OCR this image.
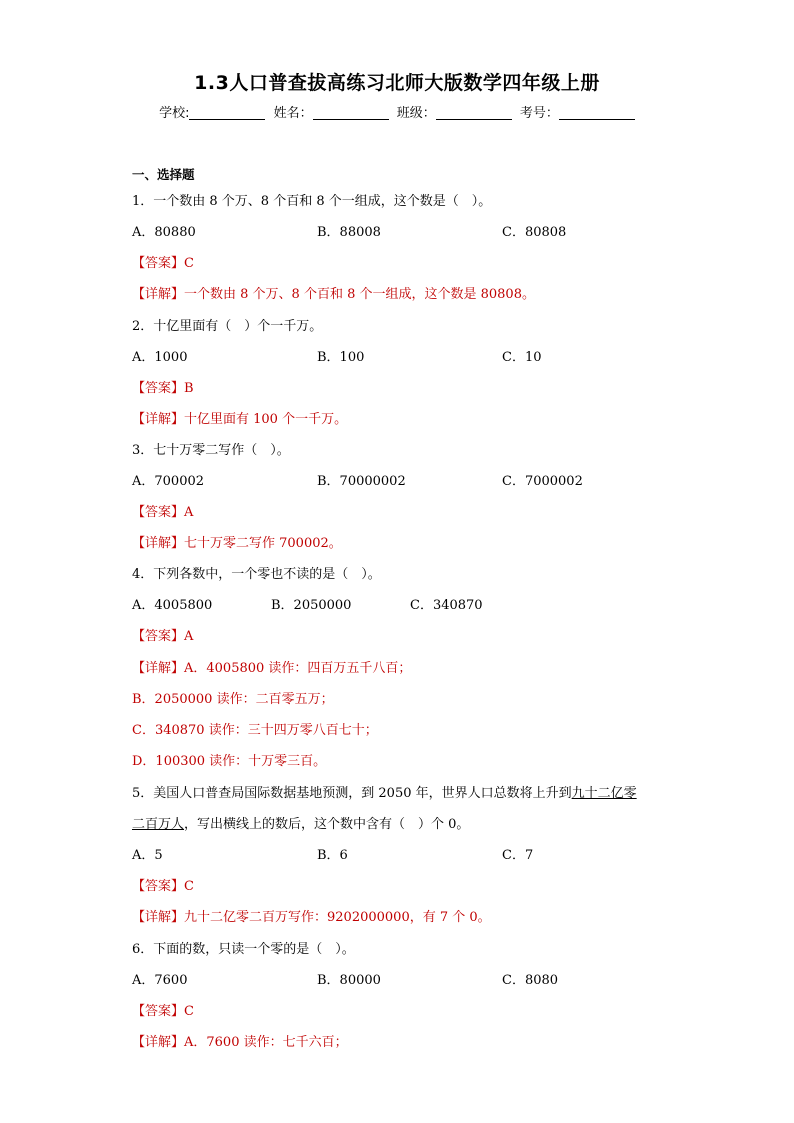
1.3人口普查拔高练习北师大版数学四年级上册
学校:	姓名：	班级：	考号：
一、选择题
1．一个数由 8 个万、8 个百和 8 个一组成，这个数是（　）。
A．80880	B．88008	C．80808
【答案】C
【详解】一个数由 8 个万、8 个百和 8 个一组成，这个数是 80808。
2．十亿里面有（　）个一千万。
A．1000	B．100	C．10
【答案】B
【详解】十亿里面有 100 个一千万。
3．七十万零二写作（　）。
A．700002	B．70000002	C．7000002
【答案】A
【详解】七十万零二写作 700002。
4．下列各数中，一个零也不读的是（　）。
A．4005800	B．2050000	C．340870
【答案】A
【详解】A．4005800 读作：四百万五千八百；
B．2050000 读作：二百零五万；
C．340870 读作：三十四万零八百七十；
D．100300 读作：十万零三百。
5．美国人口普查局国际数据基地预测，到 2050 年，世界人口总数将上升到九十二亿零
二百万人，写出横线上的数后，这个数中含有（　）个 0。
A．5	B．6	C．7
【答案】C
【详解】九十二亿零二百万写作：9202000000，有 7 个 0。
6．下面的数，只读一个零的是（　）。
A．7600	B．80000	C．8080
【答案】C
【详解】A．7600 读作：七千六百；
